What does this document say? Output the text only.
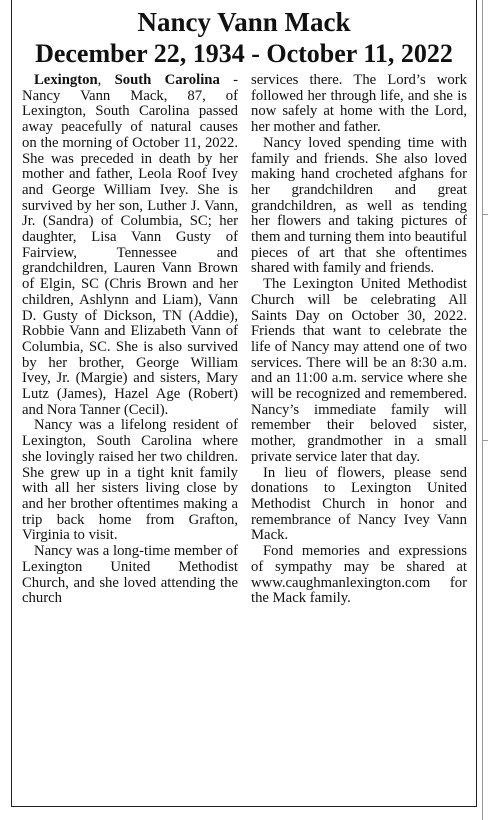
Nancy Vann Mack
December 22, 1934 - October 11, 2022

Lexington, South Carolina - Nancy Vann Mack, 87, of Lexington, South Carolina passed away peacefully of natural causes on the morning of October 11, 2022. She was preceded in death by her mother and father, Leola Roof Ivey and George William Ivey. She is survived by her son, Luther J. Vann, Jr. (Sandra) of Columbia, SC; her daughter, Lisa Vann Gusty of Fairview, Tennessee and grandchildren, Lauren Vann Brown of Elgin, SC (Chris Brown and her children, Ashlynn and Liam), Vann D. Gusty of Dickson, TN (Addie), Robbie Vann and Elizabeth Vann of Columbia, SC. She is also survived by her brother, George William Ivey, Jr. (Margie) and sisters, Mary Lutz (James), Hazel Age (Robert) and Nora Tanner (Cecil).

Nancy was a lifelong resident of Lexington, South Carolina where she lovingly raised her two children. She grew up in a tight knit family with all her sisters living close by and her brother oftentimes making a trip back home from Grafton, Virginia to visit.

Nancy was a long-time member of Lexington United Methodist Church, and she loved attending the church

services there. The Lord’s work followed her through life, and she is now safely at home with the Lord, her mother and father.

Nancy loved spending time with family and friends. She also loved making hand crocheted afghans for her grandchildren and great grandchildren, as well as tending her flowers and taking pictures of them and turning them into beautiful pieces of art that she oftentimes shared with family and friends.

The Lexington United Methodist Church will be celebrating All Saints Day on October 30, 2022. Friends that want to celebrate the life of Nancy may attend one of two services. There will be an 8:30 a.m. and an 11:00 a.m. service where she will be recognized and remembered. Nancy’s immediate family will remember their beloved sister, mother, grandmother in a small private service later that day.

In lieu of flowers, please send donations to Lexington United Methodist Church in honor and remembrance of Nancy Ivey Vann Mack.

Fond memories and expressions of sympathy may be shared at www.caughmanlexington.com for the Mack family.
